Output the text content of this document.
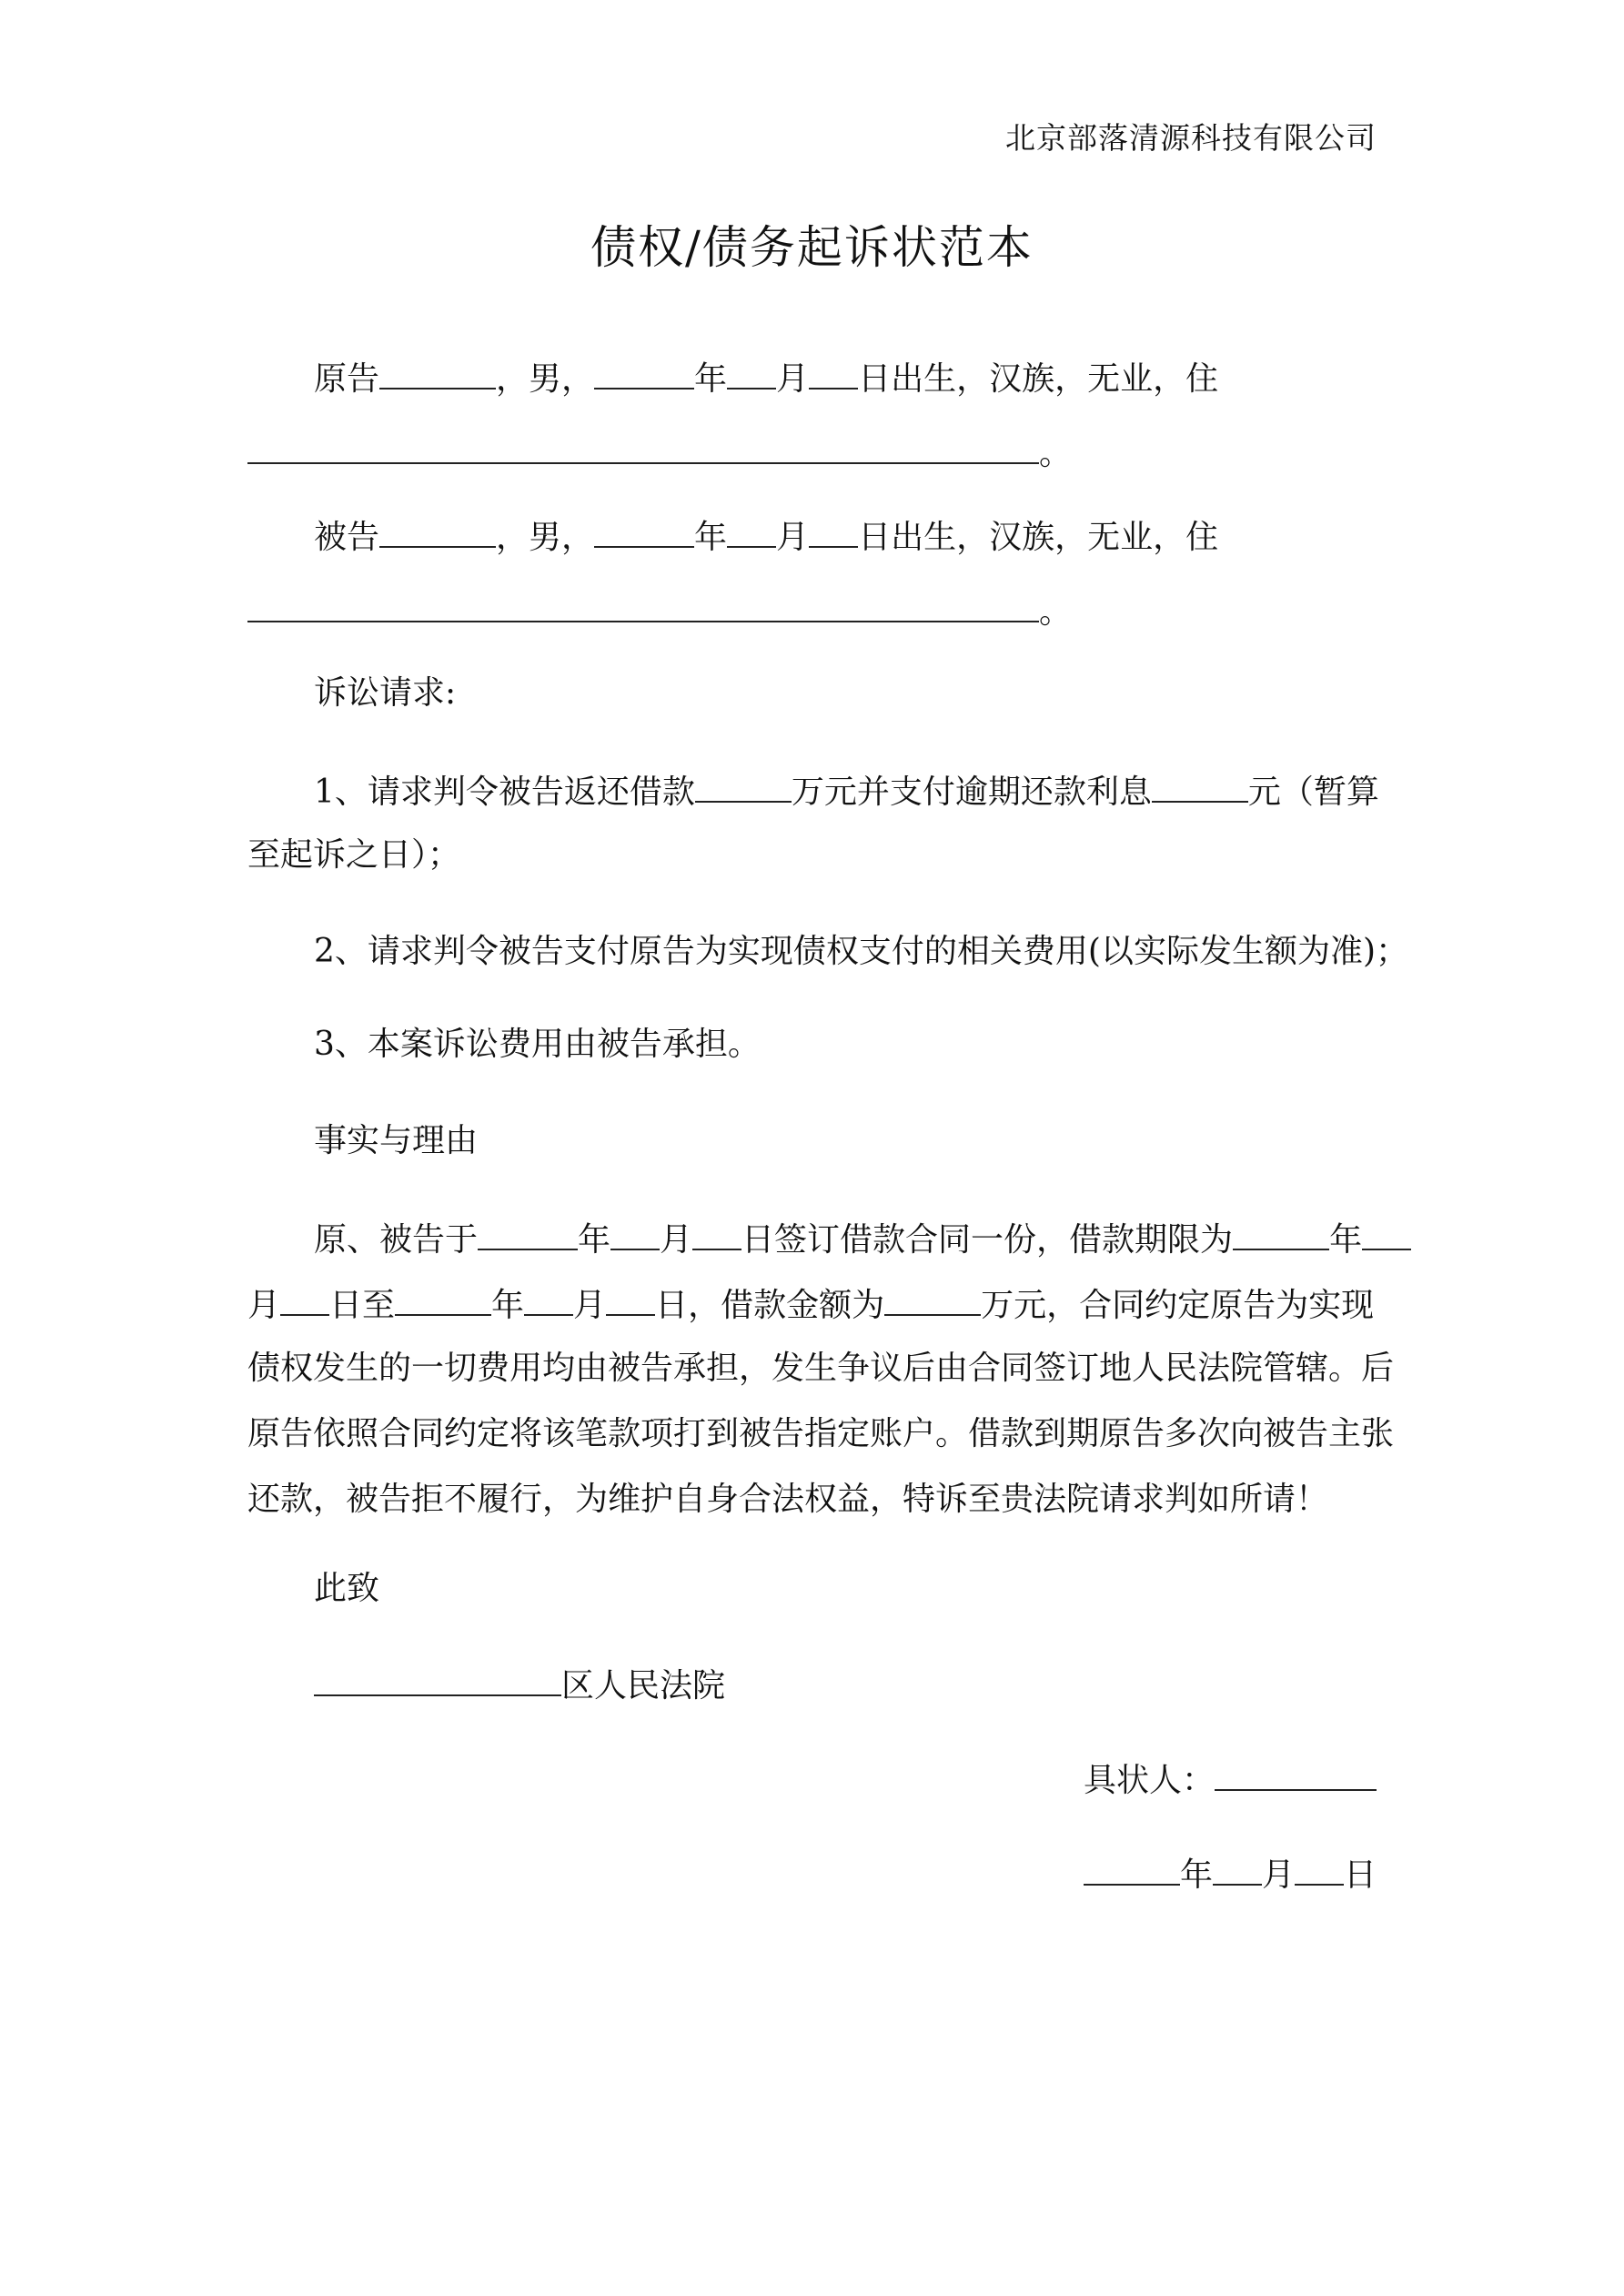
北京部落清源科技有限公司
债权/债务起诉状范本
原告	，男，	年 月 日出生，汉族，无业，住
。
被告	，男，	年 月 日出生，汉族，无业，住
。
诉讼请求:
1、请求判令被告返还借款	万元并支付逾期还款利息	元（暂算
至起诉之日）；
2、请求判令被告支付原告为实现债权支付的相关费用(以实际发生额为准)；
3、本案诉讼费用由被告承担。
事实与理由
原、被告于	年 月 日签订借款合同一份，借款期限为	年
月 日至	年 月 日，借款金额为	万元，合同约定原告为实现
债权发生的一切费用均由被告承担，发生争议后由合同签订地人民法院管辖。后
原告依照合同约定将该笔款项打到被告指定账户。借款到期原告多次向被告主张
还款，被告拒不履行，为维护自身合法权益，特诉至贵法院请求判如所请！
此致
区人民法院
具状人：
年 月 日
